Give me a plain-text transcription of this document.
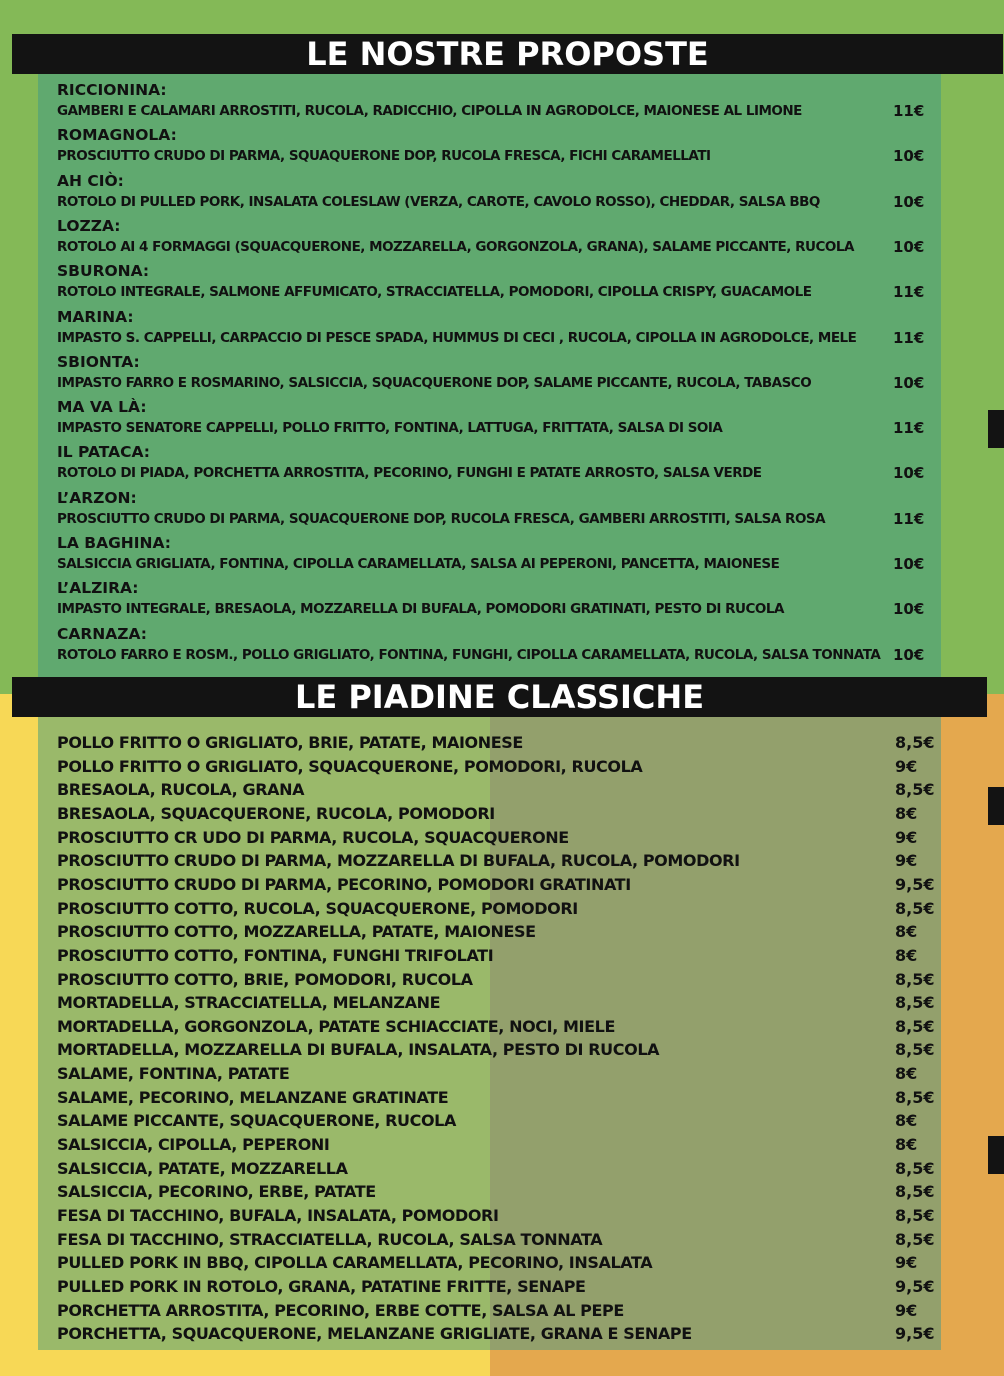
LE NOSTRE PROPOSTE
LE PIADINE CLASSICHE
RICCIONINA:
GAMBERI E CALAMARI ARROSTITI, RUCOLA, RADICCHIO, CIPOLLA IN AGRODOLCE, MAIONESE AL LIMONE	11€
ROMAGNOLA:
PROSCIUTTO CRUDO DI PARMA, SQUAQUERONE DOP, RUCOLA FRESCA, FICHI CARAMELLATI	10€
AH CIÒ:
ROTOLO DI PULLED PORK, INSALATA COLESLAW (VERZA, CAROTE, CAVOLO ROSSO), CHEDDAR, SALSA BBQ	10€
LOZZA:
ROTOLO AI 4 FORMAGGI (SQUACQUERONE, MOZZARELLA, GORGONZOLA, GRANA), SALAME PICCANTE, RUCOLA	10€
SBURONA:
ROTOLO INTEGRALE, SALMONE AFFUMICATO, STRACCIATELLA, POMODORI, CIPOLLA CRISPY, GUACAMOLE	11€
MARINA:
IMPASTO S. CAPPELLI, CARPACCIO DI PESCE SPADA, HUMMUS DI CECI , RUCOLA, CIPOLLA IN AGRODOLCE, MELE 11€
SBIONTA:
IMPASTO FARRO E ROSMARINO, SALSICCIA, SQUACQUERONE DOP, SALAME PICCANTE, RUCOLA, TABASCO	10€
MA VA LÀ:
IMPASTO SENATORE CAPPELLI, POLLO FRITTO, FONTINA, LATTUGA, FRITTATA, SALSA DI SOIA	11€
IL PATACA:
ROTOLO DI PIADA, PORCHETTA ARROSTITA, PECORINO, FUNGHI E PATATE ARROSTO, SALSA VERDE	10€
L’ARZON:
PROSCIUTTO CRUDO DI PARMA, SQUACQUERONE DOP, RUCOLA FRESCA, GAMBERI ARROSTITI, SALSA ROSA	11€
LA BAGHINA:
SALSICCIA GRIGLIATA, FONTINA, CIPOLLA CARAMELLATA, SALSA AI PEPERONI, PANCETTA, MAIONESE	10€
L’ALZIRA:
IMPASTO INTEGRALE, BRESAOLA, MOZZARELLA DI BUFALA, POMODORI GRATINATI, PESTO DI RUCOLA	10€
CARNAZA:
ROTOLO FARRO E ROSM., POLLO GRIGLIATO, FONTINA, FUNGHI, CIPOLLA CARAMELLATA, RUCOLA, SALSA TONNATA 10€
POLLO FRITTO O GRIGLIATO, BRIE, PATATE, MAIONESE	8,5€
POLLO FRITTO O GRIGLIATO, SQUACQUERONE, POMODORI, RUCOLA	9€
BRESAOLA, RUCOLA, GRANA	8,5€
BRESAOLA, SQUACQUERONE, RUCOLA, POMODORI	8€
PROSCIUTTO CR UDO DI PARMA, RUCOLA, SQUACQUERONE	9€
PROSCIUTTO CRUDO DI PARMA, MOZZARELLA DI BUFALA, RUCOLA, POMODORI	9€
PROSCIUTTO CRUDO DI PARMA, PECORINO, POMODORI GRATINATI	9,5€
PROSCIUTTO COTTO, RUCOLA, SQUACQUERONE, POMODORI	8,5€
PROSCIUTTO COTTO, MOZZARELLA, PATATE, MAIONESE	8€
PROSCIUTTO COTTO, FONTINA, FUNGHI TRIFOLATI	8€
PROSCIUTTO COTTO, BRIE, POMODORI, RUCOLA	8,5€
MORTADELLA, STRACCIATELLA, MELANZANE	8,5€
MORTADELLA, GORGONZOLA, PATATE SCHIACCIATE, NOCI, MIELE	8,5€
MORTADELLA, MOZZARELLA DI BUFALA, INSALATA, PESTO DI RUCOLA	8,5€
SALAME, FONTINA, PATATE	8€
SALAME, PECORINO, MELANZANE GRATINATE	8,5€
SALAME PICCANTE, SQUACQUERONE, RUCOLA	8€
SALSICCIA, CIPOLLA, PEPERONI	8€
SALSICCIA, PATATE, MOZZARELLA	8,5€
SALSICCIA, PECORINO, ERBE, PATATE	8,5€
FESA DI TACCHINO, BUFALA, INSALATA, POMODORI	8,5€
FESA DI TACCHINO, STRACCIATELLA, RUCOLA, SALSA TONNATA	8,5€
PULLED PORK IN BBQ, CIPOLLA CARAMELLATA, PECORINO, INSALATA	9€
PULLED PORK IN ROTOLO, GRANA, PATATINE FRITTE, SENAPE	9,5€
PORCHETTA ARROSTITA, PECORINO, ERBE COTTE, SALSA AL PEPE	9€
PORCHETTA, SQUACQUERONE, MELANZANE GRIGLIATE, GRANA E SENAPE	9,5€
